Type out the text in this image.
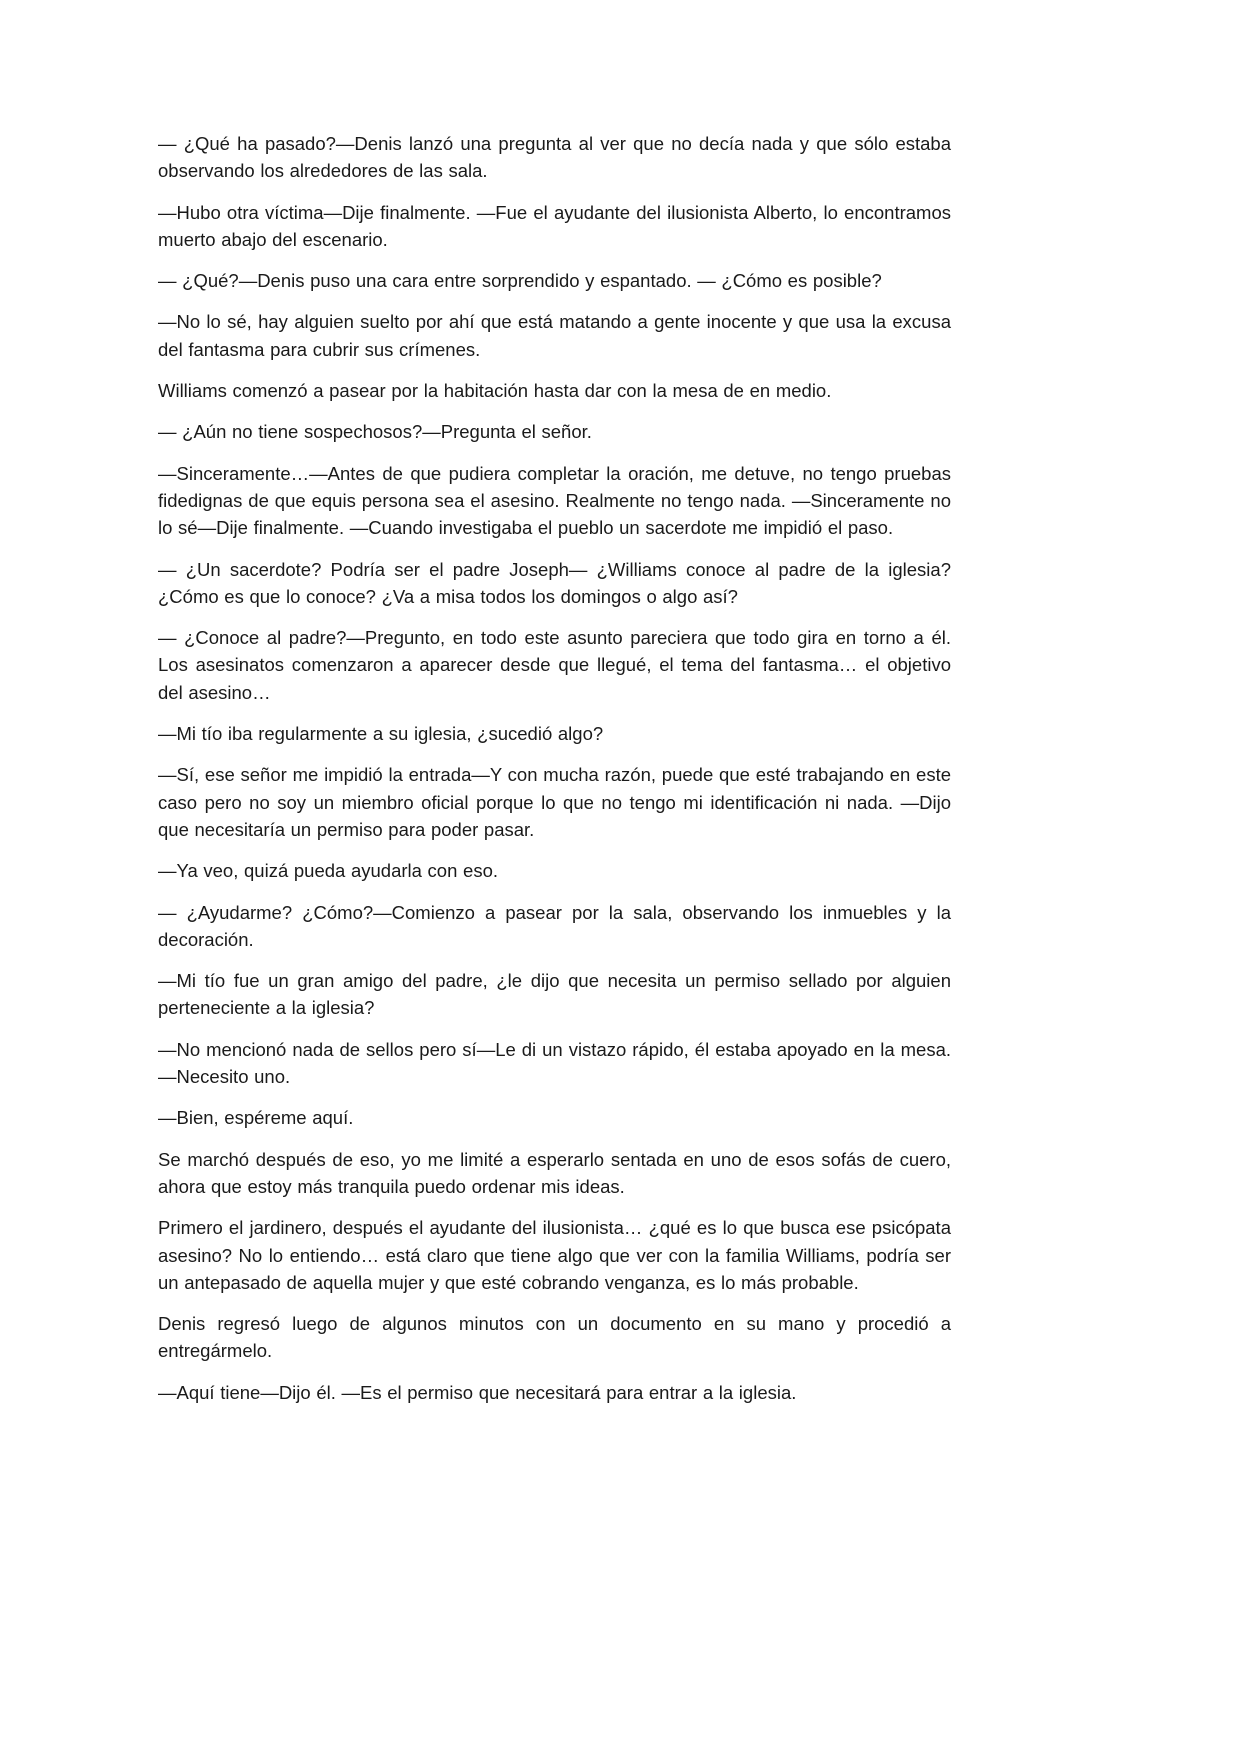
— ¿Qué ha pasado?—Denis lanzó una pregunta al ver que no decía nada y que sólo estaba observando los alrededores de las sala.

—Hubo otra víctima—Dije finalmente. —Fue el ayudante del ilusionista Alberto, lo encontramos muerto abajo del escenario.

— ¿Qué?—Denis puso una cara entre sorprendido y espantado. — ¿Cómo es posible?

—No lo sé, hay alguien suelto por ahí que está matando a gente inocente y que usa la excusa del fantasma para cubrir sus crímenes.

Williams comenzó a pasear por la habitación hasta dar con la mesa de en medio.

— ¿Aún no tiene sospechosos?—Pregunta el señor.

—Sinceramente…—Antes de que pudiera completar la oración, me detuve, no tengo pruebas fidedignas de que equis persona sea el asesino. Realmente no tengo nada. —Sinceramente no lo sé—Dije finalmente. —Cuando investigaba el pueblo un sacerdote me impidió el paso.

— ¿Un sacerdote? Podría ser el padre Joseph— ¿Williams conoce al padre de la iglesia? ¿Cómo es que lo conoce? ¿Va a misa todos los domingos o algo así?

— ¿Conoce al padre?—Pregunto, en todo este asunto pareciera que todo gira en torno a él. Los asesinatos comenzaron a aparecer desde que llegué, el tema del fantasma… el objetivo del asesino…

—Mi tío iba regularmente a su iglesia, ¿sucedió algo?

—Sí, ese señor me impidió la entrada—Y con mucha razón, puede que esté trabajando en este caso pero no soy un miembro oficial porque lo que no tengo mi identificación ni nada. —Dijo que necesitaría un permiso para poder pasar.

—Ya veo, quizá pueda ayudarla con eso.

— ¿Ayudarme? ¿Cómo?—Comienzo a pasear por la sala, observando los inmuebles y la decoración.

—Mi tío fue un gran amigo del padre, ¿le dijo que necesita un permiso sellado por alguien perteneciente a la iglesia?

—No mencionó nada de sellos pero sí—Le di un vistazo rápido, él estaba apoyado en la mesa. —Necesito uno.

—Bien, espéreme aquí.

Se marchó después de eso, yo me limité a esperarlo sentada en uno de esos sofás de cuero, ahora que estoy más tranquila puedo ordenar mis ideas.

Primero el jardinero, después el ayudante del ilusionista… ¿qué es lo que busca ese psicópata asesino? No lo entiendo… está claro que tiene algo que ver con la familia Williams, podría ser un antepasado de aquella mujer y que esté cobrando venganza, es lo más probable.

Denis regresó luego de algunos minutos con un documento en su mano y procedió a entregármelo.

—Aquí tiene—Dijo él. —Es el permiso que necesitará para entrar a la iglesia.
